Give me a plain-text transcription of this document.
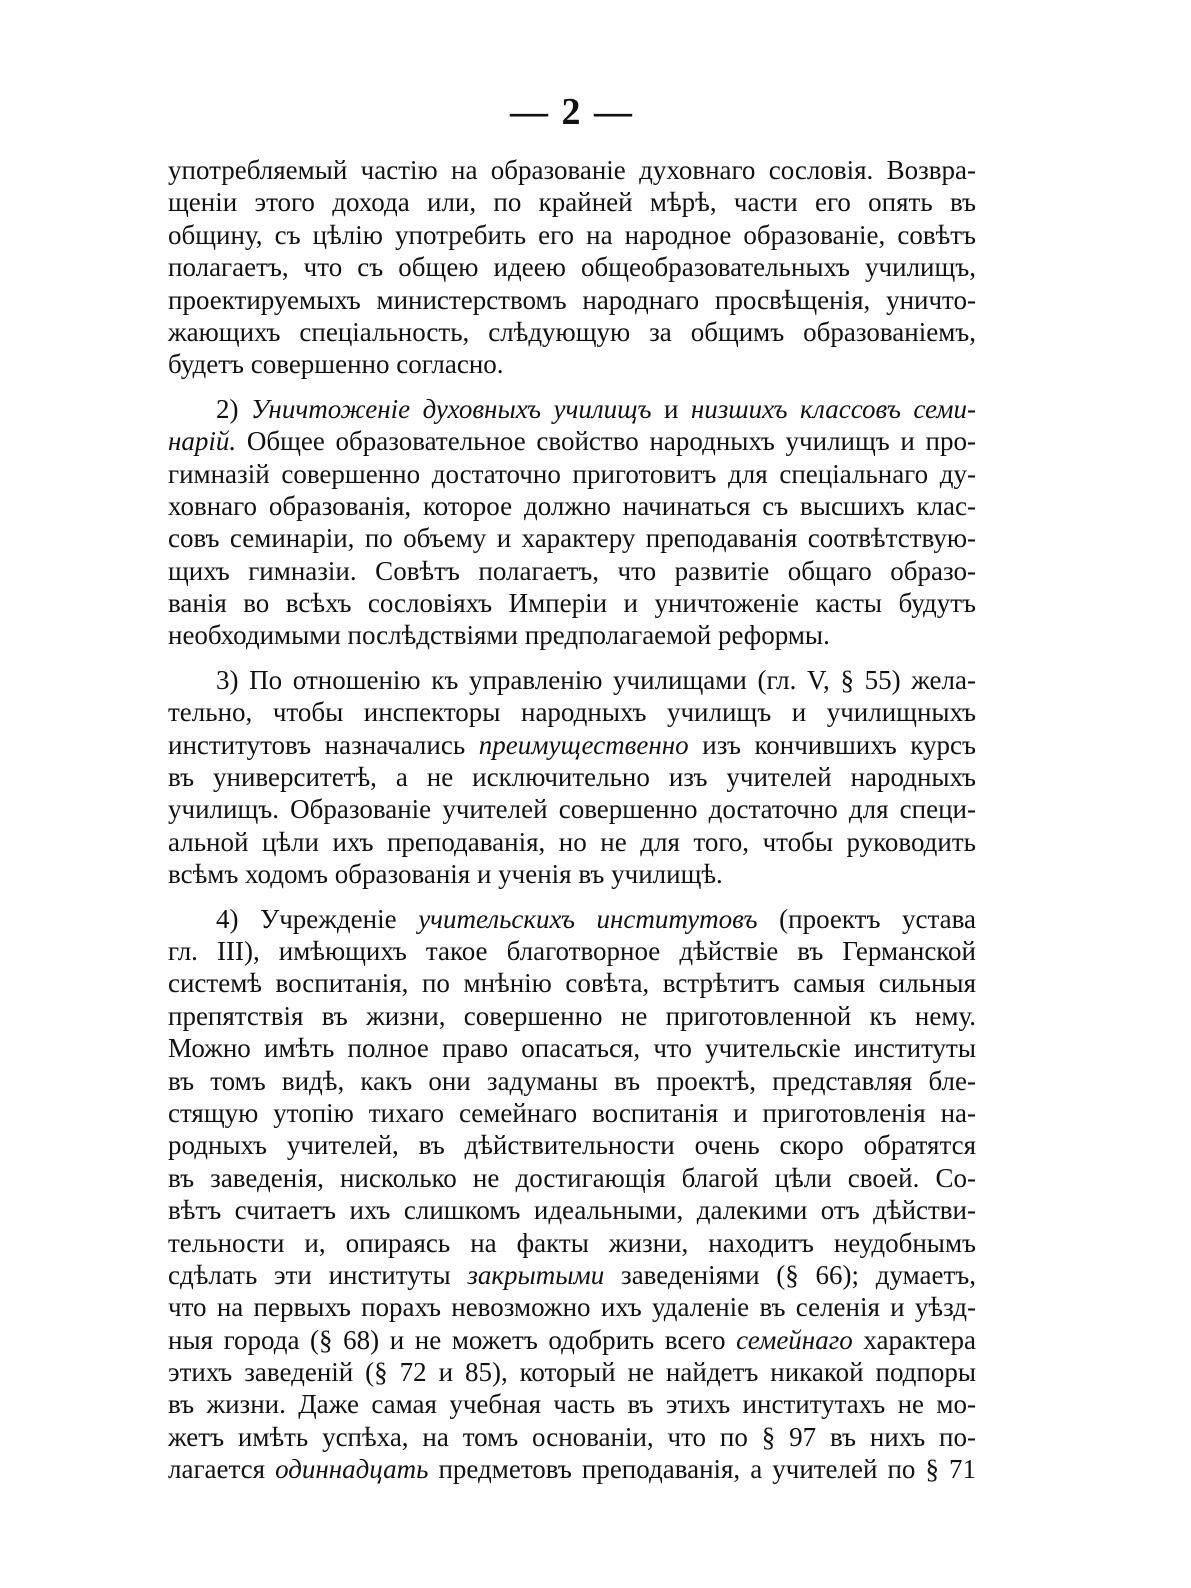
— 2 —
употребляемый частію на образованіе духовнаго сословія. Возвра-
щеніи этого дохода или, по крайней мѣрѣ, части его опять въ
общину, съ цѣлію употребить его на народное образованіе, совѣтъ
полагаетъ, что съ общею идеею общеобразовательныхъ училищъ,
проектируемыхъ министерствомъ народнаго просвѣщенія, уничто-
жающихъ спеціальность, слѣдующую за общимъ образованіемъ,
будетъ совершенно согласно.
2) Уничтоженіе духовныхъ училищъ и низшихъ классовъ семи-
нарій. Общее образовательное свойство народныхъ училищъ и про-
гимназій совершенно достаточно приготовитъ для спеціальнаго ду-
ховнаго образованія, которое должно начинаться съ высшихъ клас-
совъ семинаріи, по объему и характеру преподаванія соотвѣтствую-
щихъ гимназіи. Совѣтъ полагаетъ, что развитіе общаго образо-
ванія во всѣхъ сословіяхъ Имперіи и уничтоженіе касты будутъ
необходимыми послѣдствіями предполагаемой реформы.
3) По отношенію къ управленію училищами (гл. V, § 55) жела-
тельно, чтобы инспекторы народныхъ училищъ и училищныхъ
институтовъ назначались преимущественно изъ кончившихъ курсъ
въ университетѣ, а не исключительно изъ учителей народныхъ
училищъ. Образованіе учителей совершенно достаточно для специ-
альной цѣли ихъ преподаванія, но не для того, чтобы руководить
всѣмъ ходомъ образованія и ученія въ училищѣ.
4) Учрежденіе учительскихъ институтовъ (проектъ устава
гл. III), имѣющихъ такое благотворное дѣйствіе въ Германской
системѣ воспитанія, по мнѣнію совѣта, встрѣтитъ самыя сильныя
препятствія въ жизни, совершенно не приготовленной къ нему.
Можно имѣть полное право опасаться, что учительскіе институты
въ томъ видѣ, какъ они задуманы въ проектѣ, представляя бле-
стящую утопію тихаго семейнаго воспитанія и приготовленія на-
родныхъ учителей, въ дѣйствительности очень скоро обратятся
въ заведенія, нисколько не достигающія благой цѣли своей. Со-
вѣтъ считаетъ ихъ слишкомъ идеальными, далекими отъ дѣйстви-
тельности и, опираясь на факты жизни, находитъ неудобнымъ
сдѣлать эти институты закрытыми заведеніями (§ 66); думаетъ,
что на первыхъ порахъ невозможно ихъ удаленіе въ селенія и уѣзд-
ныя города (§ 68) и не можетъ одобрить всего семейнаго характера
этихъ заведеній (§ 72 и 85), который не найдетъ никакой подпоры
въ жизни. Даже самая учебная часть въ этихъ институтахъ не мо-
жетъ имѣть успѣха, на томъ основаніи, что по § 97 въ нихъ по-
лагается одиннадцать предметовъ преподаванія, а учителей по § 71
